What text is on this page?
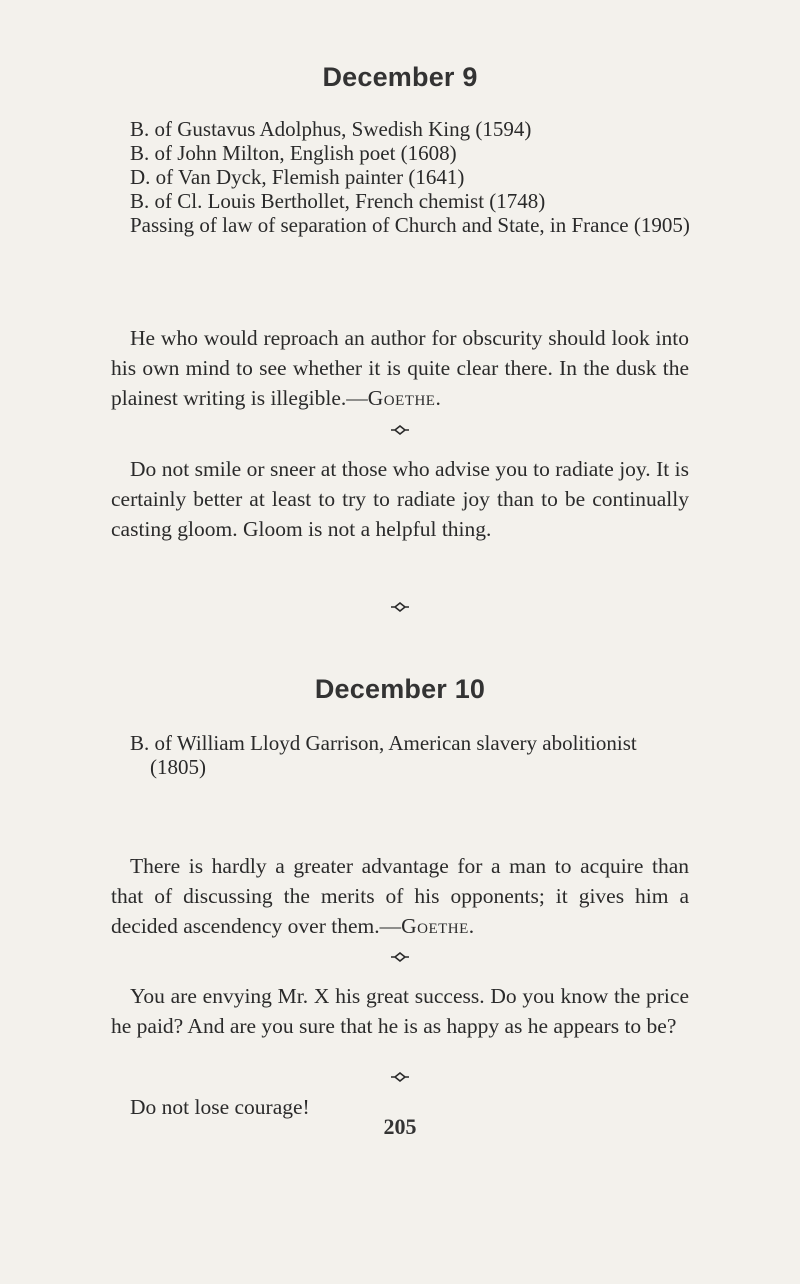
December 9
B. of Gustavus Adolphus, Swedish King (1594)
B. of John Milton, English poet (1608)
D. of Van Dyck, Flemish painter (1641)
B. of Cl. Louis Berthollet, French chemist (1748)
Passing of law of separation of Church and State, in France (1905)
He who would reproach an author for obscurity should look into his own mind to see whether it is quite clear there. In the dusk the plainest writing is illegible.—Goethe.
Do not smile or sneer at those who advise you to radiate joy. It is certainly better at least to try to radiate joy than to be continually casting gloom. Gloom is not a helpful thing.
December 10
B. of William Lloyd Garrison, American slavery abolitionist (1805)
There is hardly a greater advantage for a man to acquire than that of discussing the merits of his opponents; it gives him a decided ascendency over them.—Goethe.
You are envying Mr. X his great success. Do you know the price he paid? And are you sure that he is as happy as he appears to be?
Do not lose courage!
205
